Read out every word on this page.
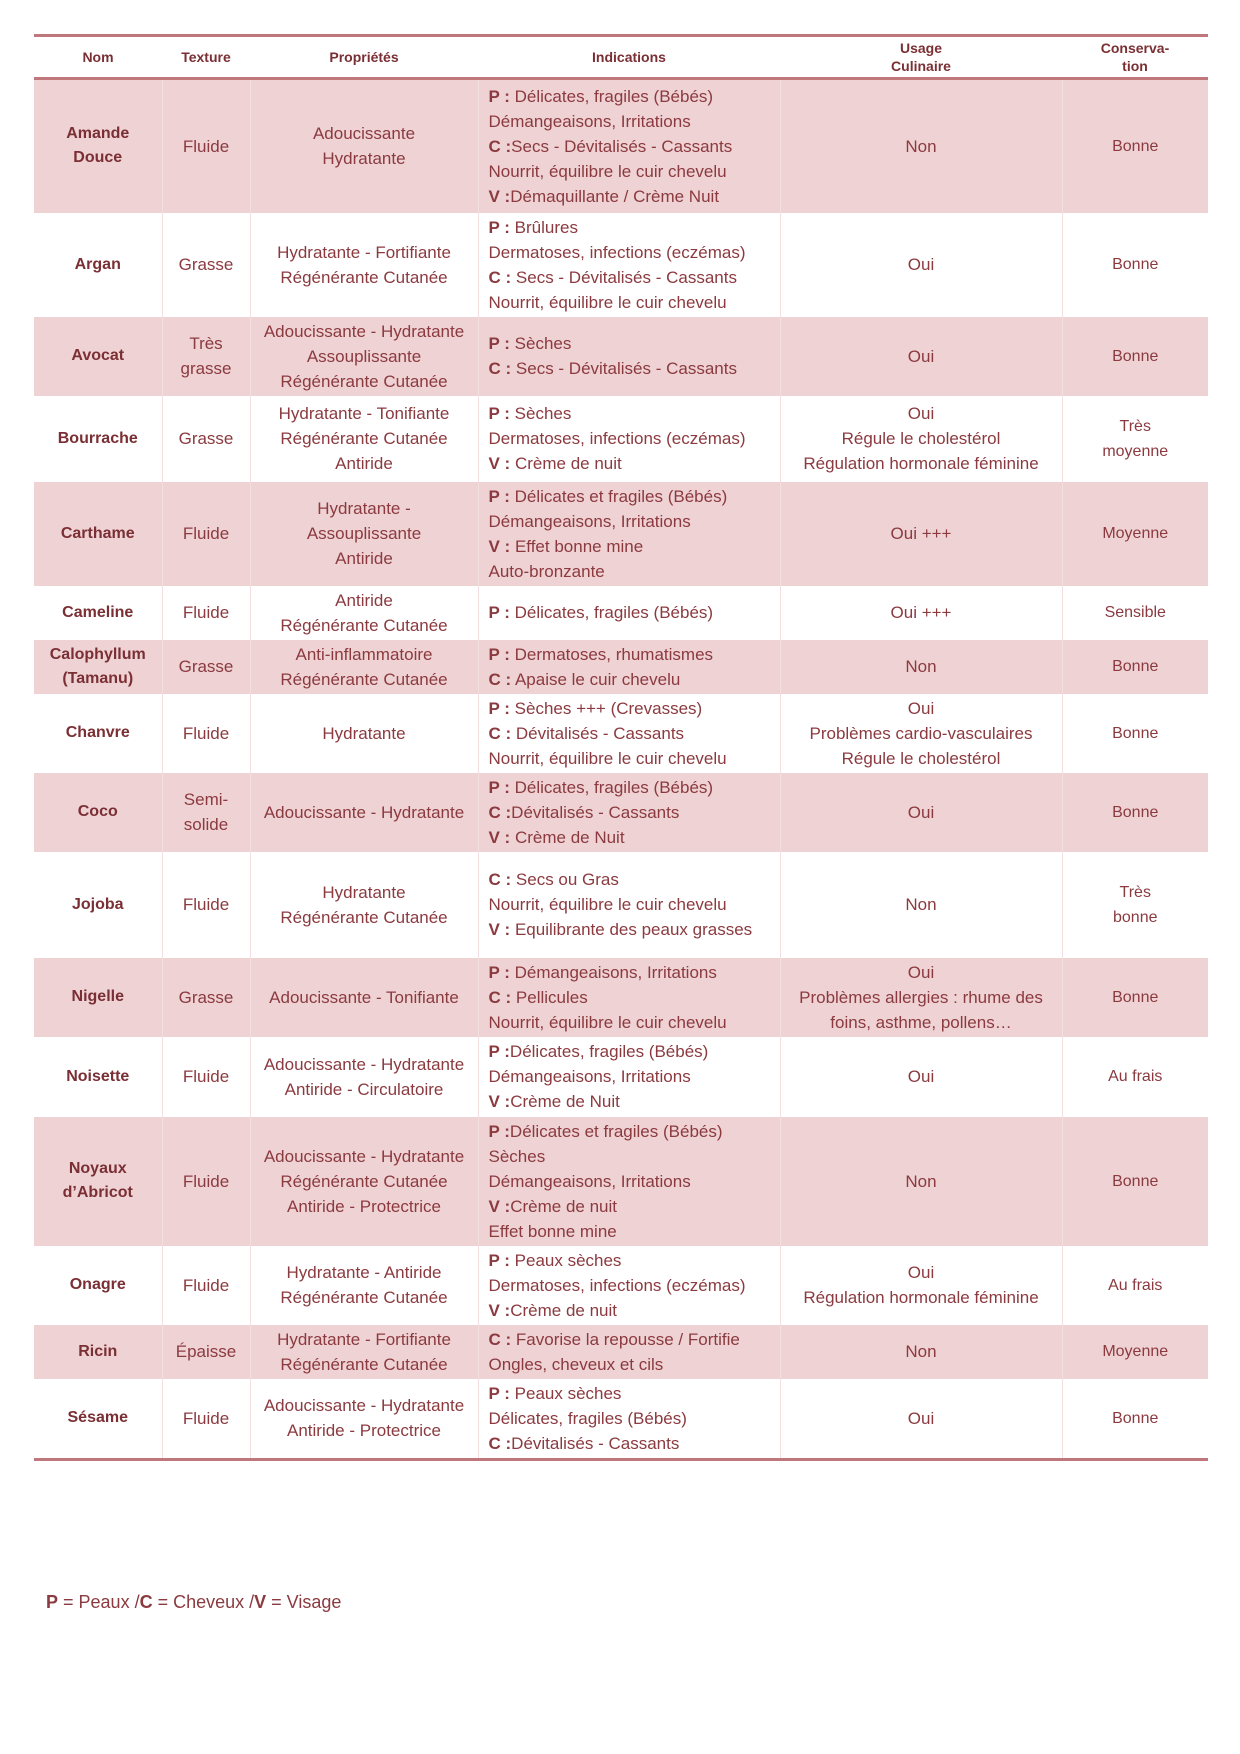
Nom	Texture	Propriétés	Indications	Usage
Culinaire	Conserva-
tion

Amande
Douce	Fluide	Adoucissante
Hydratante	P : Délicates, fragiles (Bébés)
Démangeaisons, Irritations
C :Secs - Dévitalisés - Cassants
Nourrit, équilibre le cuir chevelu
V :Démaquillante / Crème Nuit	Non	Bonne

Argan	Grasse	Hydratante - Fortifiante
Régénérante Cutanée	P : Brûlures
Dermatoses, infections (eczémas)
C : Secs - Dévitalisés - Cassants
Nourrit, équilibre le cuir chevelu	Oui	Bonne

Avocat	Très
grasse	Adoucissante - Hydratante
Assouplissante
Régénérante Cutanée	P : Sèches
C : Secs - Dévitalisés - Cassants	Oui	Bonne

Bourrache	Grasse	Hydratante - Tonifiante
Régénérante Cutanée
Antiride	P : Sèches
Dermatoses, infections (eczémas)
V : Crème de nuit	Oui
Régule le cholestérol
Régulation hormonale féminine	Très
moyenne

Carthame	Fluide	Hydratante -
Assouplissante
Antiride	P : Délicates et fragiles (Bébés)
Démangeaisons, Irritations
V : Effet bonne mine
Auto-bronzante	Oui +++	Moyenne

Cameline	Fluide	Antiride
Régénérante Cutanée	P : Délicates, fragiles (Bébés)	Oui +++	Sensible

Calophyllum
(Tamanu)	Grasse	Anti-inflammatoire
Régénérante Cutanée	P : Dermatoses, rhumatismes
C : Apaise le cuir chevelu	Non	Bonne

Chanvre	Fluide	Hydratante	P : Sèches +++ (Crevasses)
C : Dévitalisés - Cassants
Nourrit, équilibre le cuir chevelu	Oui
Problèmes cardio-vasculaires
Régule le cholestérol	Bonne

Coco	Semi-
solide	Adoucissante - Hydratante	P : Délicates, fragiles (Bébés)
C :Dévitalisés - Cassants
V : Crème de Nuit	Oui	Bonne

Jojoba	Fluide	Hydratante
Régénérante Cutanée	C : Secs ou Gras
Nourrit, équilibre le cuir chevelu
V : Equilibrante des peaux grasses	Non	Très
bonne

Nigelle	Grasse	Adoucissante - Tonifiante	P : Démangeaisons, Irritations
C : Pellicules
Nourrit, équilibre le cuir chevelu	Oui
Problèmes allergies : rhume des
foins, asthme, pollens…	Bonne

Noisette	Fluide	Adoucissante - Hydratante
Antiride - Circulatoire	P :Délicates, fragiles (Bébés)
Démangeaisons, Irritations
V :Crème de Nuit	Oui	Au frais

Noyaux
d’Abricot	Fluide	Adoucissante - Hydratante
Régénérante Cutanée
Antiride - Protectrice	P :Délicates et fragiles (Bébés)
Sèches
Démangeaisons, Irritations
V :Crème de nuit
Effet bonne mine	Non	Bonne

Onagre	Fluide	Hydratante - Antiride
Régénérante Cutanée	P : Peaux sèches
Dermatoses, infections (eczémas)
V :Crème de nuit	Oui
Régulation hormonale féminine	Au frais

Ricin	Épaisse	Hydratante - Fortifiante
Régénérante Cutanée	C : Favorise la repousse / Fortifie
Ongles, cheveux et cils	Non	Moyenne

Sésame	Fluide	Adoucissante - Hydratante
Antiride - Protectrice	P : Peaux sèches
Délicates, fragiles (Bébés)
C :Dévitalisés - Cassants	Oui	Bonne
P = Peaux /C = Cheveux /V = Visage
